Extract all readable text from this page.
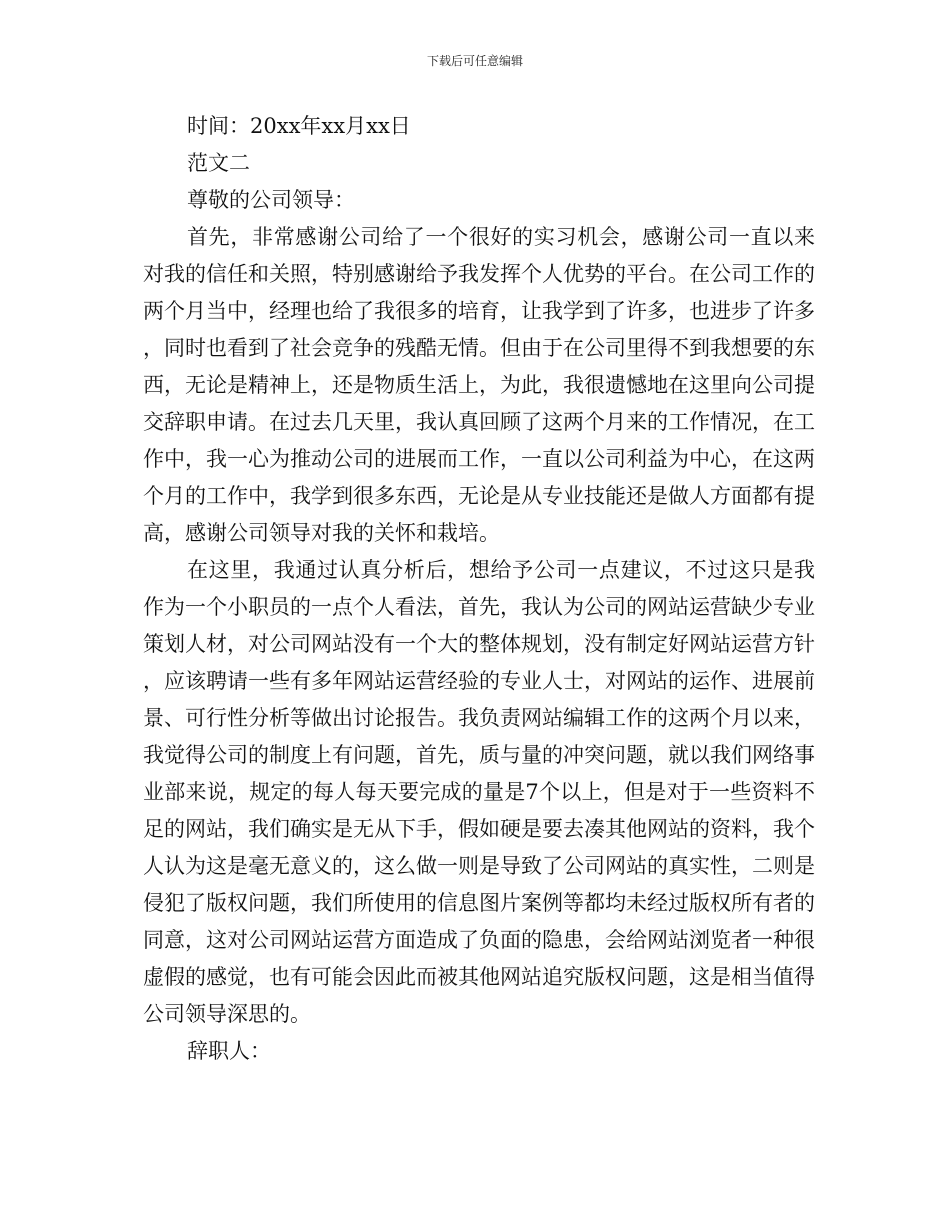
下载后可任意编辑

时间：20xx年xx月xx日

范文二

尊敬的公司领导：

首先，非常感谢公司给了一个很好的实习机会，感谢公司一直以来对我的信任和关照，特别感谢给予我发挥个人优势的平台。在公司工作的两个月当中，经理也给了我很多的培育，让我学到了许多，也进步了许多，同时也看到了社会竞争的残酷无情。但由于在公司里得不到我想要的东西，无论是精神上，还是物质生活上，为此，我很遗憾地在这里向公司提交辞职申请。在过去几天里，我认真回顾了这两个月来的工作情况，在工作中，我一心为推动公司的进展而工作，一直以公司利益为中心，在这两个月的工作中，我学到很多东西，无论是从专业技能还是做人方面都有提高，感谢公司领导对我的关怀和栽培。

在这里，我通过认真分析后，想给予公司一点建议，不过这只是我作为一个小职员的一点个人看法，首先，我认为公司的网站运营缺少专业策划人材，对公司网站没有一个大的整体规划，没有制定好网站运营方针，应该聘请一些有多年网站运营经验的专业人士，对网站的运作、进展前景、可行性分析等做出讨论报告。我负责网站编辑工作的这两个月以来，我觉得公司的制度上有问题，首先，质与量的冲突问题，就以我们网络事业部来说，规定的每人每天要完成的量是7个以上，但是对于一些资料不足的网站，我们确实是无从下手，假如硬是要去凑其他网站的资料，我个人认为这是毫无意义的，这么做一则是导致了公司网站的真实性，二则是侵犯了版权问题，我们所使用的信息图片案例等都均未经过版权所有者的同意，这对公司网站运营方面造成了负面的隐患，会给网站浏览者一种很虚假的感觉，也有可能会因此而被其他网站追究版权问题，这是相当值得公司领导深思的。

辞职人：
